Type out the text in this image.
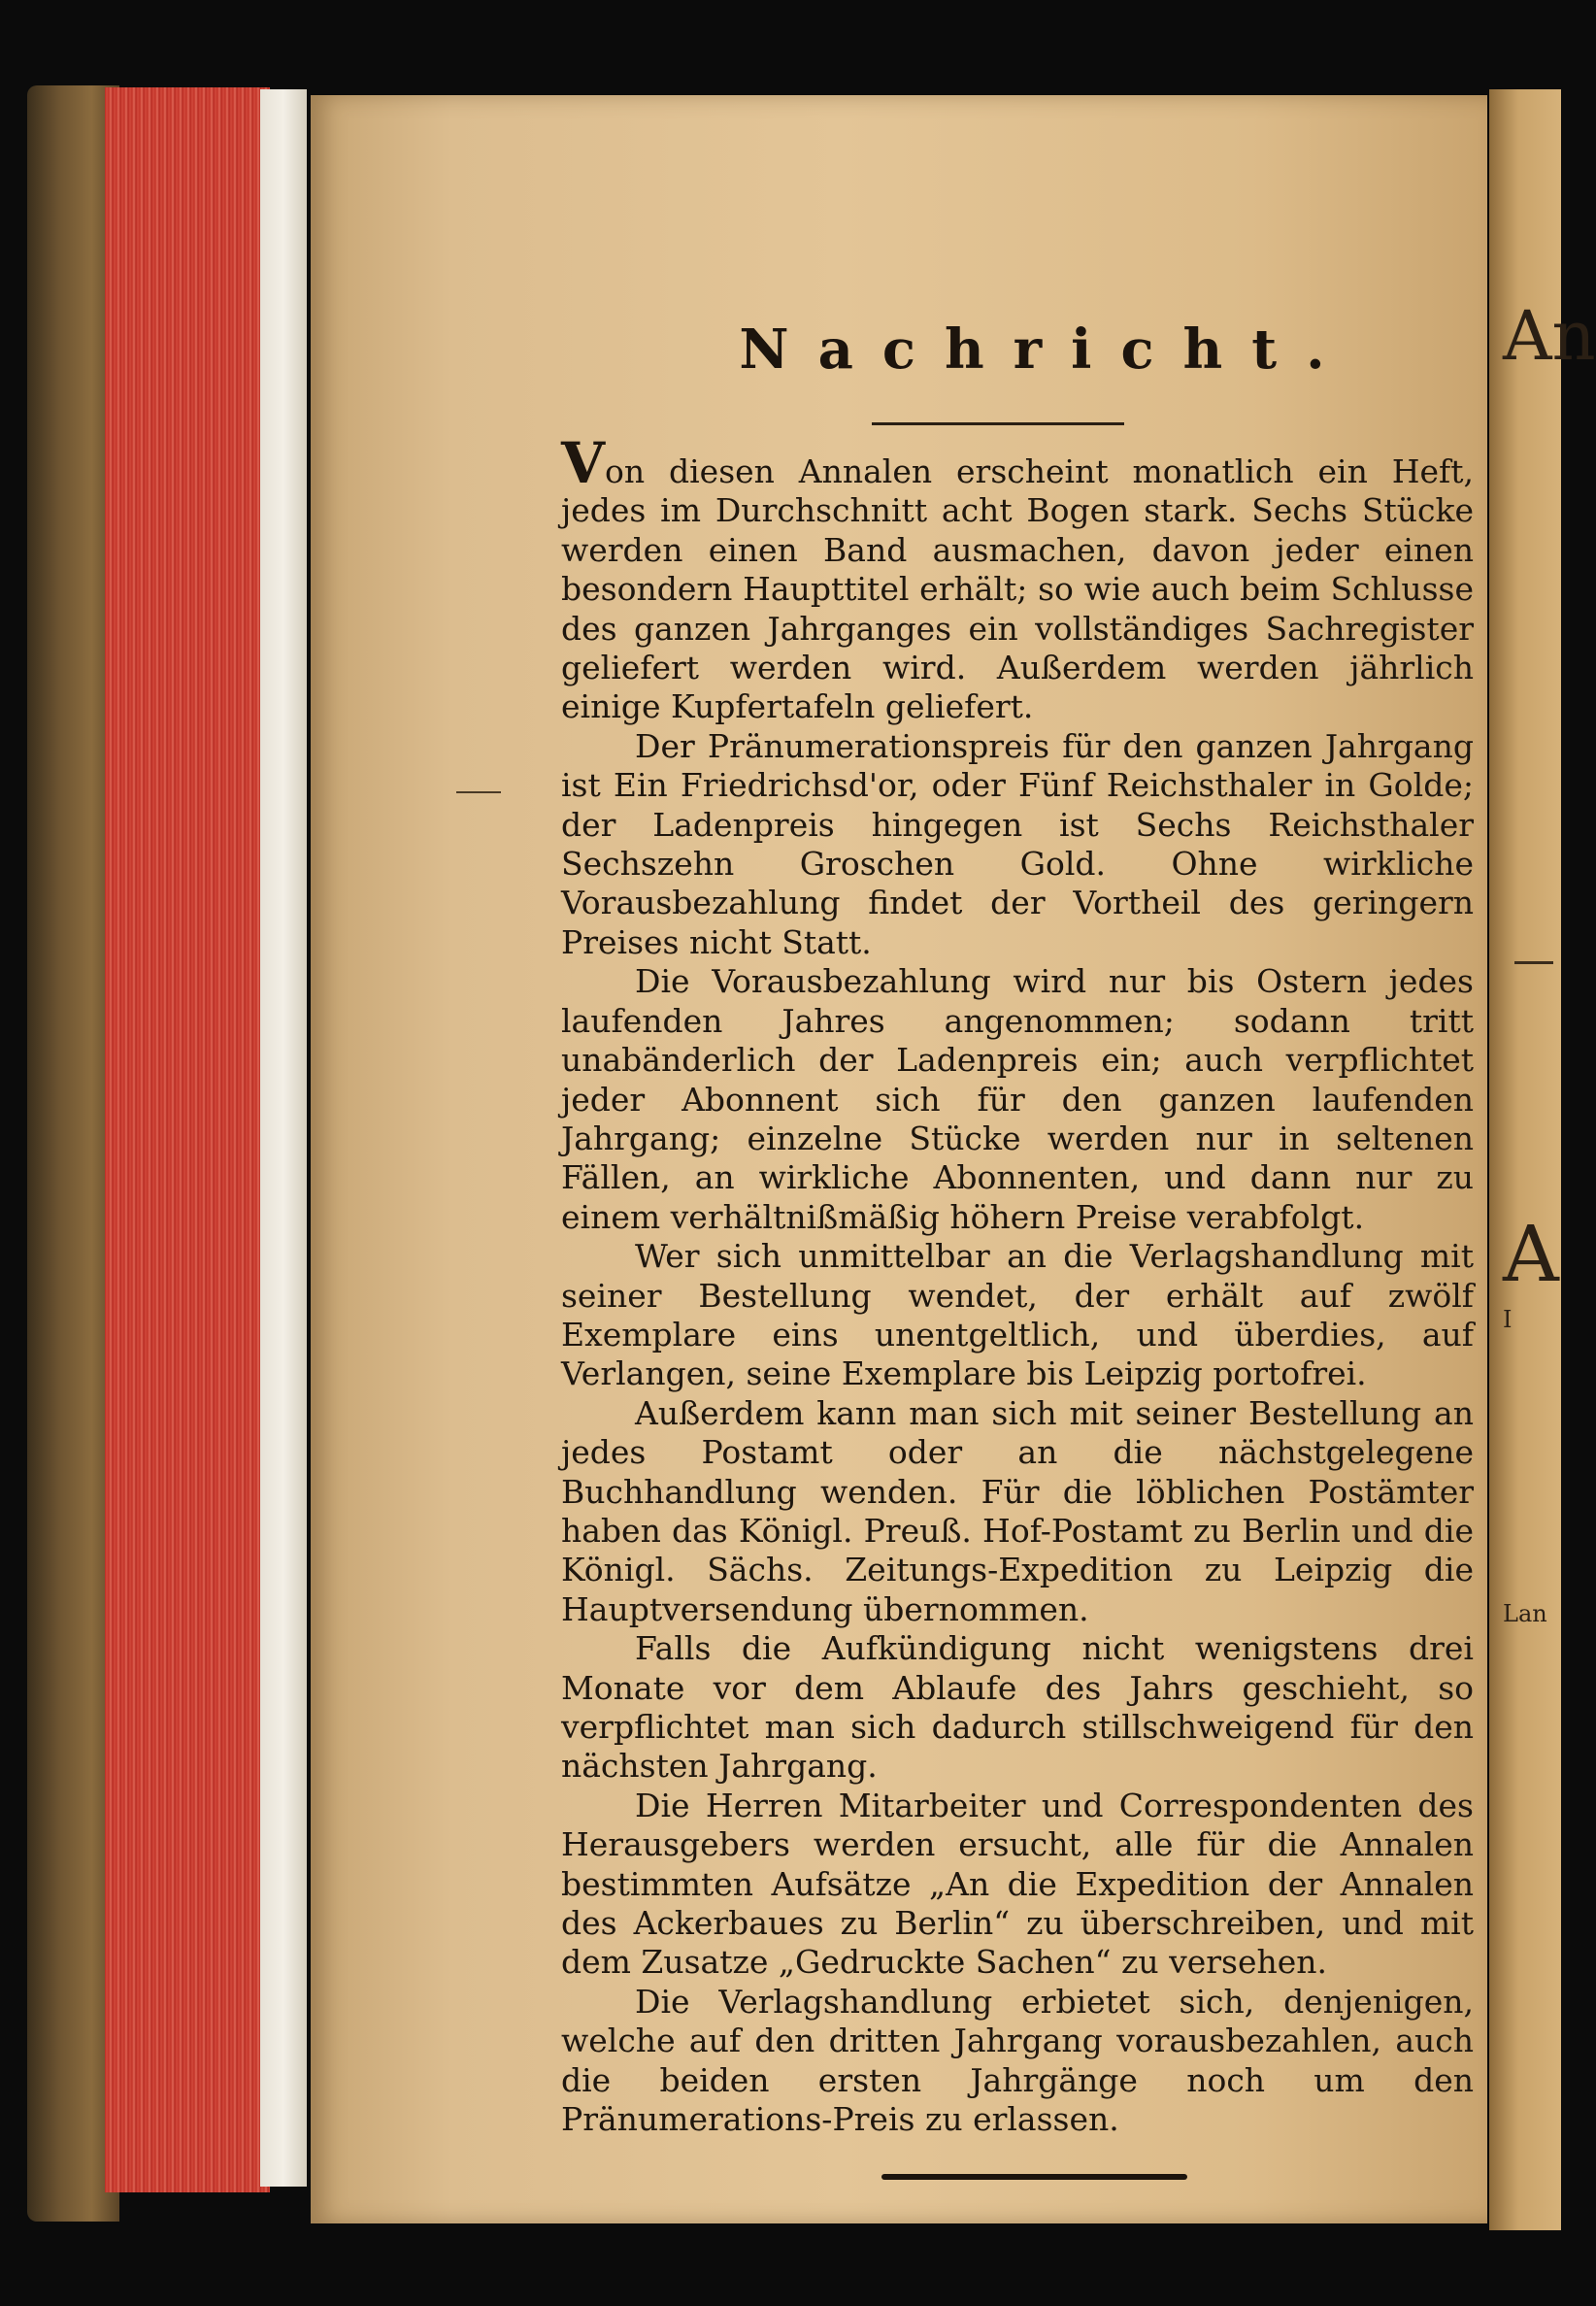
An
A
I
Lan
Nachricht.

Von diesen Annalen erscheint monatlich ein Heft, jedes im Durchschnitt acht Bogen stark. Sechs Stücke werden einen Band ausmachen, davon jeder einen besondern Haupttitel erhält; so wie auch beim Schlusse des ganzen Jahrganges ein vollständiges Sachregister geliefert werden wird. Außerdem werden jährlich einige Kupfertafeln geliefert.

Der Pränumerationspreis für den ganzen Jahrgang ist Ein Friedrichsd'or, oder Fünf Reichsthaler in Golde; der Ladenpreis hingegen ist Sechs Reichsthaler Sechszehn Groschen Gold. Ohne wirkliche Vorausbezahlung findet der Vortheil des geringern Preises nicht Statt.

Die Vorausbezahlung wird nur bis Ostern jedes laufenden Jahres angenommen; sodann tritt unabänderlich der Ladenpreis ein; auch verpflichtet jeder Abonnent sich für den ganzen laufenden Jahrgang; einzelne Stücke werden nur in seltenen Fällen, an wirkliche Abonnenten, und dann nur zu einem verhältnißmäßig höhern Preise verabfolgt.

Wer sich unmittelbar an die Verlagshandlung mit seiner Bestellung wendet, der erhält auf zwölf Exemplare eins unentgeltlich, und überdies, auf Verlangen, seine Exemplare bis Leipzig portofrei.

Außerdem kann man sich mit seiner Bestellung an jedes Postamt oder an die nächstgelegene Buchhandlung wenden. Für die löblichen Postämter haben das Königl. Preuß. Hof-Postamt zu Berlin und die Königl. Sächs. Zeitungs-Expedition zu Leipzig die Hauptversendung übernommen.

Falls die Aufkündigung nicht wenigstens drei Monate vor dem Ablaufe des Jahrs geschieht, so verpflichtet man sich dadurch stillschweigend für den nächsten Jahrgang.

Die Herren Mitarbeiter und Correspondenten des Herausgebers werden ersucht, alle für die Annalen bestimmten Aufsätze „An die Expedition der Annalen des Ackerbaues zu Berlin“ zu überschreiben, und mit dem Zusatze „Gedruckte Sachen“ zu versehen.

Die Verlagshandlung erbietet sich, denjenigen, welche auf den dritten Jahrgang vorausbezahlen, auch die beiden ersten Jahrgänge noch um den Pränumerations-Preis zu erlassen.
